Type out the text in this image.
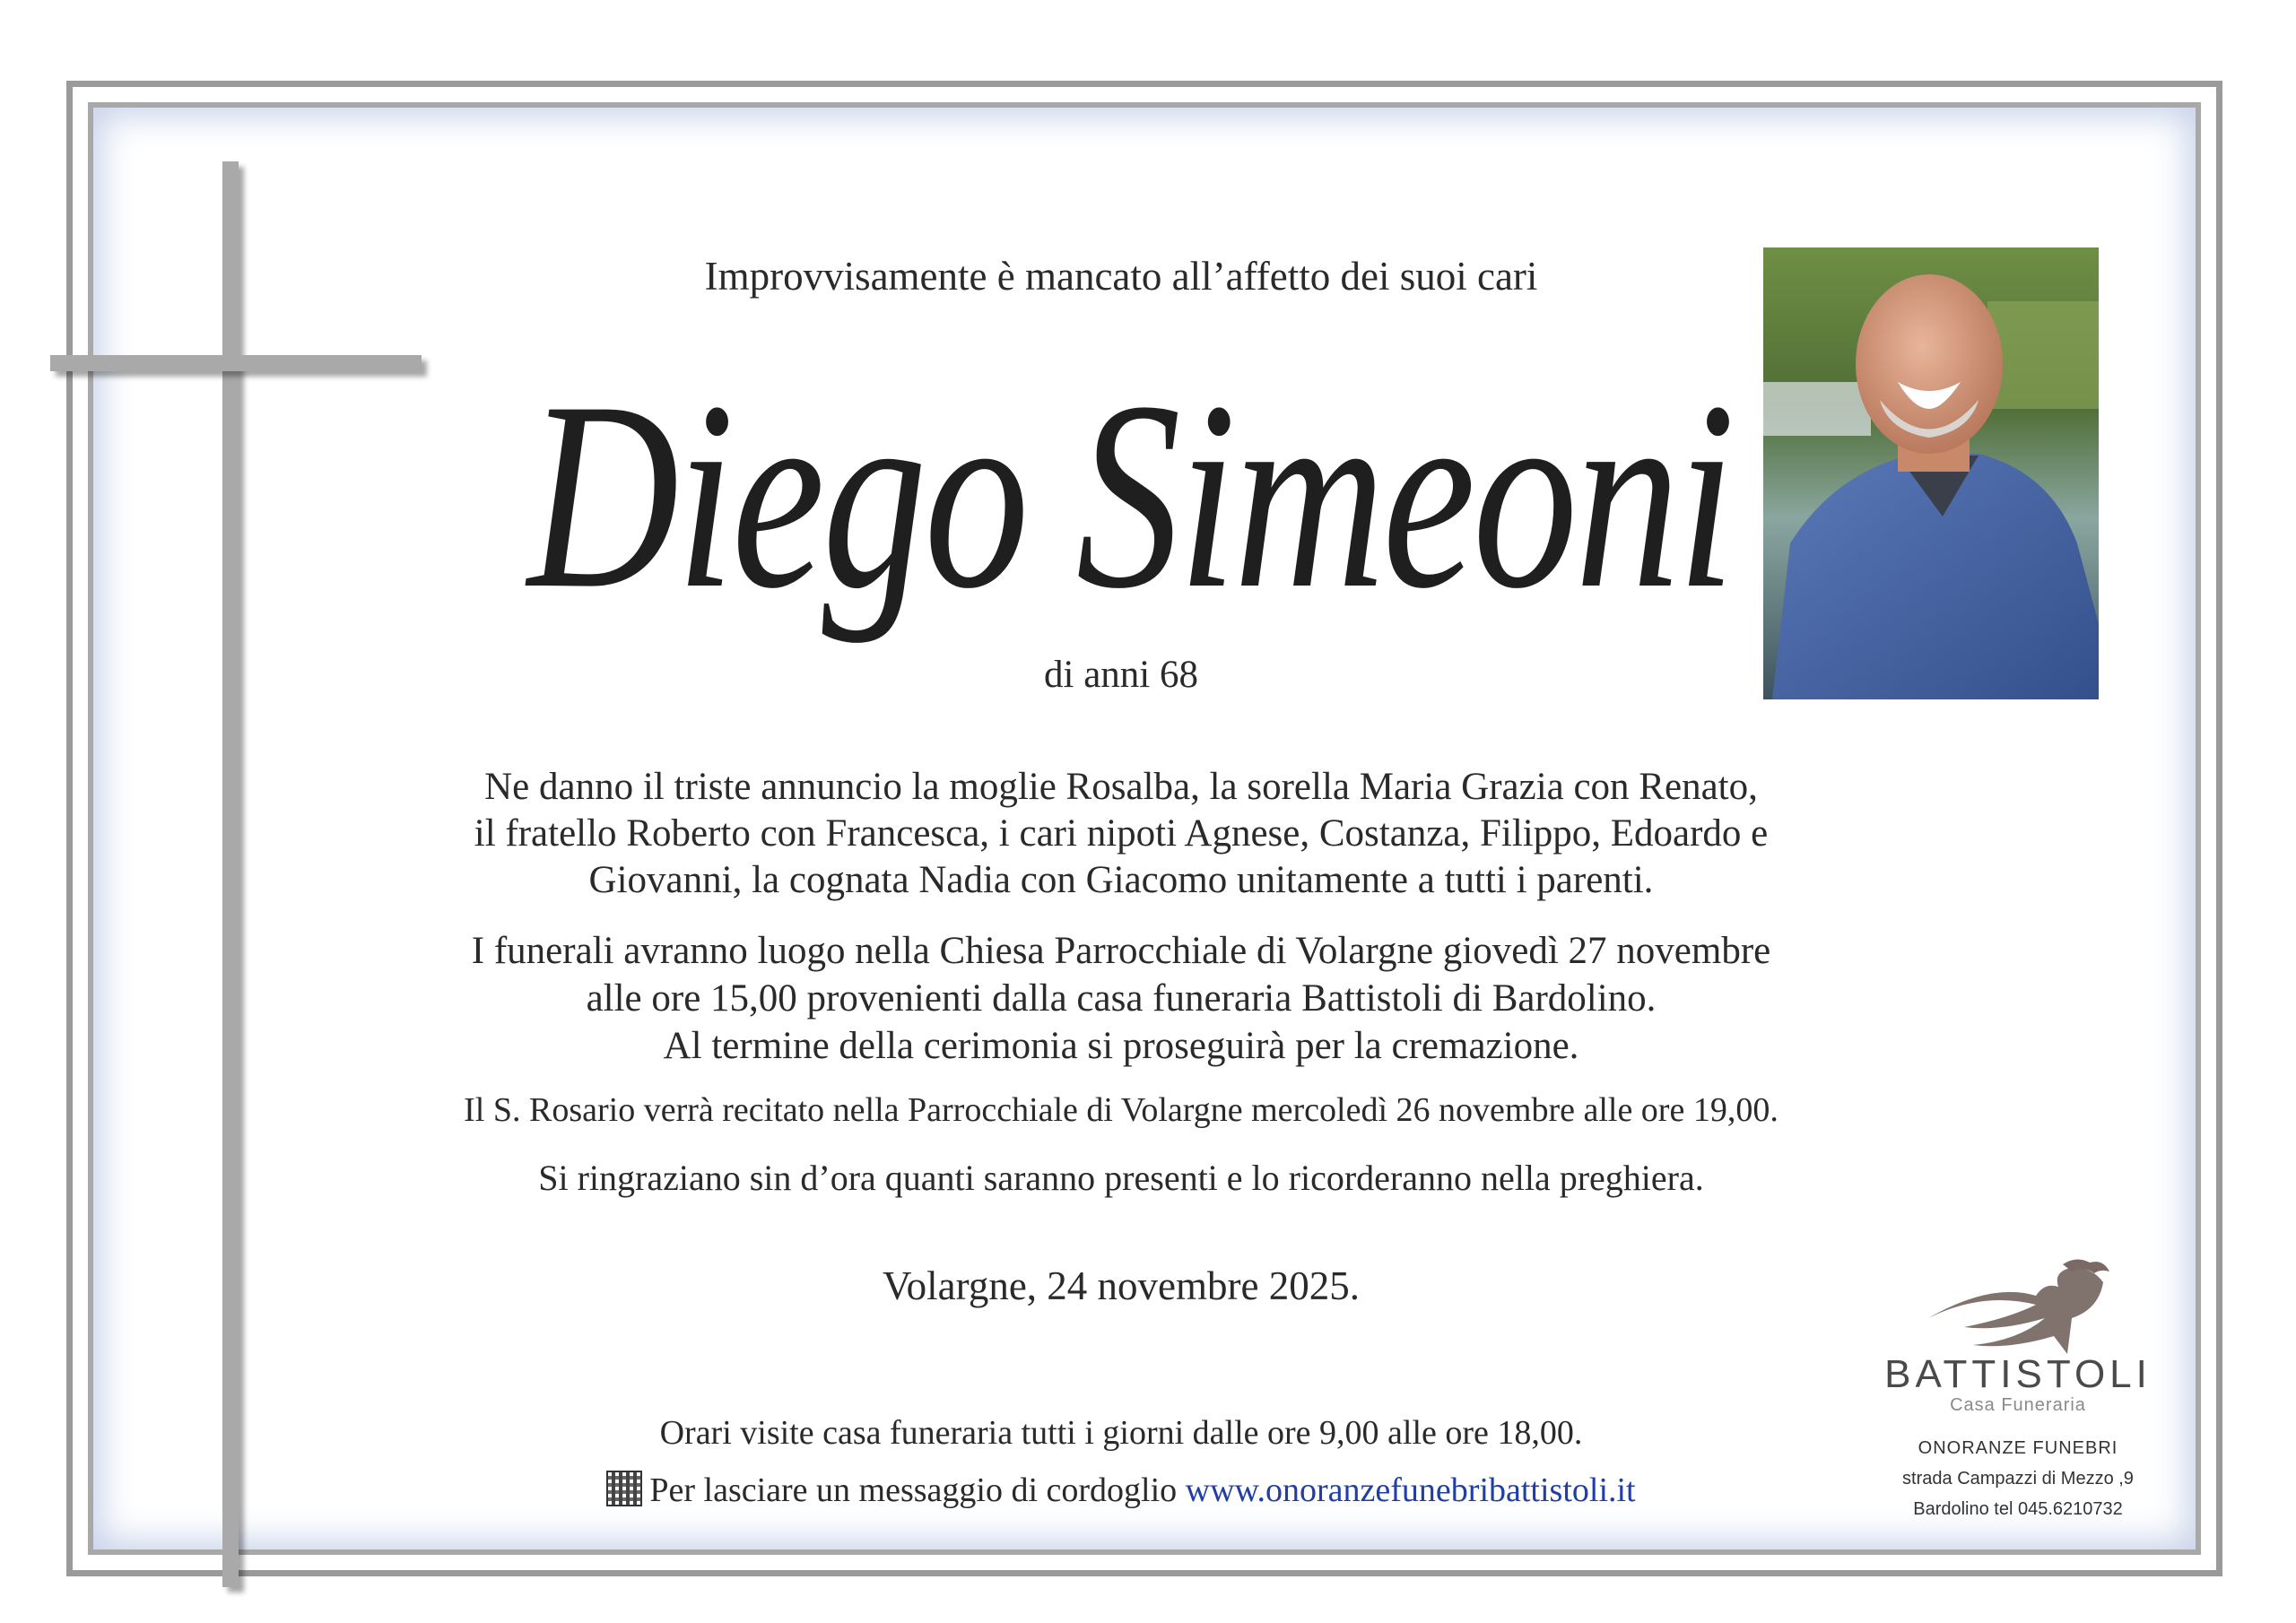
Improvvisamente è mancato all’affetto dei suoi cari
Diego Simeoni
di anni 68
Ne danno il triste annuncio la moglie Rosalba, la sorella Maria Grazia con Renato,
il fratello Roberto con Francesca, i cari nipoti Agnese, Costanza, Filippo, Edoardo e
Giovanni, la cognata Nadia con Giacomo unitamente a tutti i parenti.
I funerali avranno luogo nella Chiesa Parrocchiale di Volargne giovedì 27 novembre
alle ore 15,00 provenienti dalla casa funeraria Battistoli di Bardolino.
Al termine della cerimonia si proseguirà per la cremazione.
Il S. Rosario verrà recitato nella Parrocchiale di Volargne mercoledì 26 novembre alle ore 19,00.
Si ringraziano sin d’ora quanti saranno presenti e lo ricorderanno nella preghiera.
Volargne, 24 novembre 2025.
Orari visite casa funeraria tutti i giorni dalle ore 9,00 alle ore 18,00.
Per lasciare un messaggio di cordoglio www.onoranzefunebribattistoli.it
BATTISTOLI
Casa Funeraria
ONORANZE FUNEBRI
strada Campazzi di Mezzo ,9
Bardolino tel 045.6210732
